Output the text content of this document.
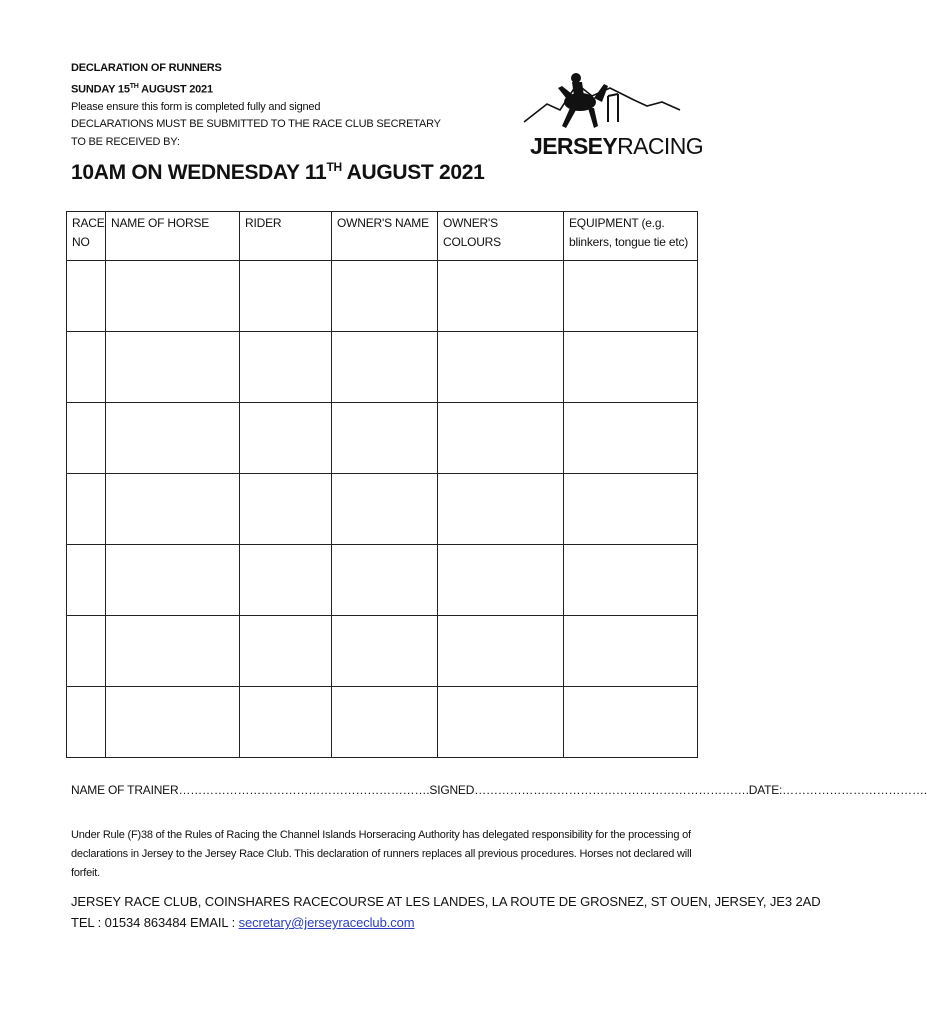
DECLARATION OF RUNNERS
SUNDAY 15TH AUGUST 2021
Please ensure this form is completed fully and signed
DECLARATIONS MUST BE SUBMITTED TO THE RACE CLUB SECRETARY
TO BE RECEIVED BY:
10AM ON WEDNESDAY 11TH AUGUST 2021
JERSEYRACING
RACE NO	NAME OF HORSE	RIDER	OWNER'S NAME	OWNER'S COLOURS	EQUIPMENT (e.g. blinkers, tongue tie etc)

NAME OF TRAINER……………………………………………………….SIGNED…………………………………………………………….DATE:……………………………….
Under Rule (F)38 of the Rules of Racing the Channel Islands Horseracing Authority has delegated responsibility for the processing of declarations in Jersey to the Jersey Race Club. This declaration of runners replaces all previous procedures. Horses not declared will forfeit.
JERSEY RACE CLUB, COINSHARES RACECOURSE AT LES LANDES, LA ROUTE DE GROSNEZ, ST OUEN, JERSEY, JE3 2AD
TEL : 01534 863484 EMAIL : secretary@jerseyraceclub.com
